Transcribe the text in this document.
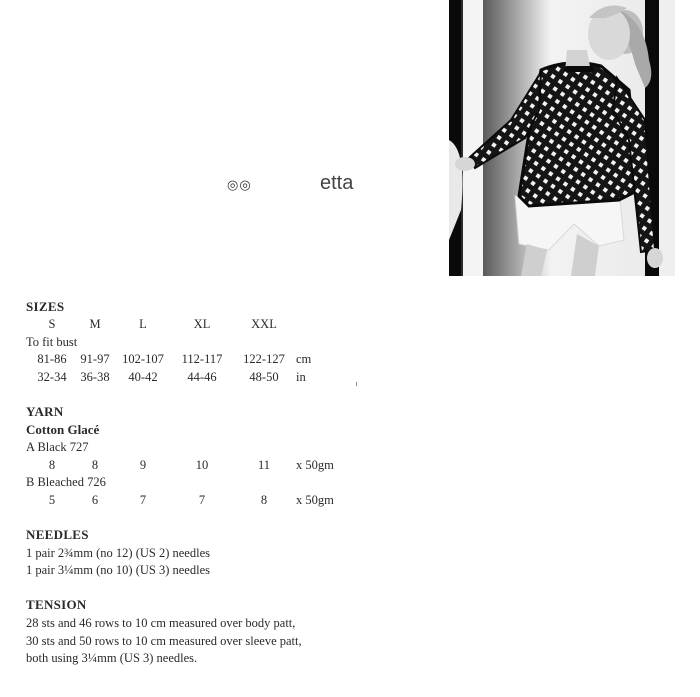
◎◎	etta
SIZES
S	M	L	XL	XXL
To fit bust
81-86 91-97 102-107 112-117 122-127 cm
32-34 36-38 40-42 44-46	48-50 in
YARN
Cotton Glacé
A Black 727
8	8	9	10	11 x 50gm
B Bleached 726
5	6	7	7	8 x 50gm
NEEDLES
1 pair 2¾mm (no 12) (US 2) needles
1 pair 3¼mm (no 10) (US 3) needles
TENSION
28 sts and 46 rows to 10 cm measured over body patt,
30 sts and 50 rows to 10 cm measured over sleeve patt,
both using 3¼mm (US 3) needles.
